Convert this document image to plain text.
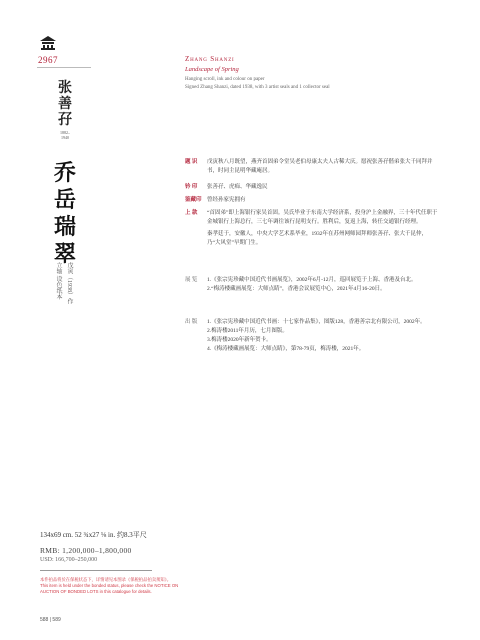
2967
张善孖
1882–1940
乔岳瑞翠
立轴 设色纸本 戊寅（1938）作
Zhang Shanzi
Landscape of Spring
Hanging scroll, ink and colour on paper
Signed Zhang Shanzi, dated 1938, with 3 artist seals and 1 collector seal
题 识	戊寅秋八月既望，燕齐首固弟令堂吴老伯母康太夫人古稀大庆。愿祝张善孖偕弟张大千同拜并书，时同主昆明华藏庵居。
钤 印	张善孖、虎痴、华藏逸民
鉴藏印 曾经孙家宪拥有
上 款	“首固弟”即上海银行家吴首固。吴氏毕业于东南大学经济系，投身沪上金融界，三十年代任职于金城银行上海总行，三七年调往该行昆明支行。胜利后，复返上海，转任交通银行经理。
秦孝廷于，安徽人，中央大学艺术系毕业，1932年在苏州网师园拜师张善孖、张大千昆仲，乃“大风堂”早期门生。
展 览	1.《张宗宪珍藏中国近代书画展览》，2002年6月-12月，巡回展览于上海、香港及台北。
2.“梅涛楼藏画展览：大师点睛”，香港会议展览中心，2021年4月16-20日。
出 版	1.《张宗宪珍藏中国近代书画：十七家作品集》，图版128，香港善宗北有限公司，2002年。
2.梅涛楼2011年月历，七月图版。
3.梅涛楼2020年新年贺卡。
4.《梅涛楼藏画展览：大师点睛》，第78-79页，梅涛楼，2021年。
134x69 cm. 52 ¾x27 ⅛ in. 约8.3平尺
RMB: 1,200,000–1,800,000
USD: 166,700–250,000
本件拍品将於在保税状态下，详情请见本图录《保税拍品拍卖须知》。
This item is held under the bonded status, please check the NOTICE ON
AUCTION OF BONDED LOTS in this catalogue for details.
588 | 589
